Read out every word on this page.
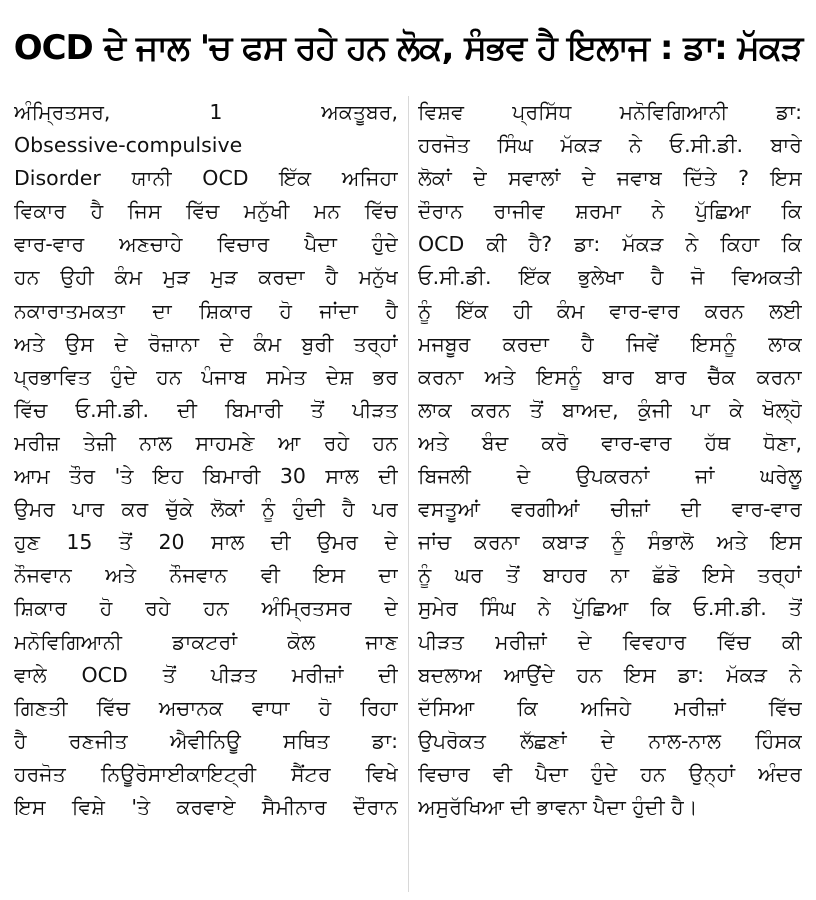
OCD ਦੇ ਜਾਲ 'ਚ ਫਸ ਰਹੇ ਹਨ ਲੋਕ, ਸੰਭਵ ਹੈ ਇਲਾਜ : ਡਾ: ਮੱਕੜ
ਅੰਮ੍ਰਿਤਸਰ, 1 ਅਕਤੂਬਰ,
Obsessive-compulsive
Disorder ਯਾਨੀ OCD ਇੱਕ ਅਜਿਹਾ
ਵਿਕਾਰ ਹੈ ਜਿਸ ਵਿੱਚ ਮਨੁੱਖੀ ਮਨ ਵਿੱਚ
ਵਾਰ-ਵਾਰ ਅਣਚਾਹੇ ਵਿਚਾਰ ਪੈਦਾ ਹੁੰਦੇ
ਹਨ ਉਹੀ ਕੰਮ ਮੁੜ ਮੁੜ ਕਰਦਾ ਹੈ ਮਨੁੱਖ
ਨਕਾਰਾਤਮਕਤਾ ਦਾ ਸ਼ਿਕਾਰ ਹੋ ਜਾਂਦਾ ਹੈ
ਅਤੇ ਉਸ ਦੇ ਰੋਜ਼ਾਨਾ ਦੇ ਕੰਮ ਬੁਰੀ ਤਰ੍ਹਾਂ
ਪ੍ਰਭਾਵਿਤ ਹੁੰਦੇ ਹਨ ਪੰਜਾਬ ਸਮੇਤ ਦੇਸ਼ ਭਰ
ਵਿੱਚ ਓ.ਸੀ.ਡੀ. ਦੀ ਬਿਮਾਰੀ ਤੋਂ ਪੀੜਤ
ਮਰੀਜ਼ ਤੇਜ਼ੀ ਨਾਲ ਸਾਹਮਣੇ ਆ ਰਹੇ ਹਨ
ਆਮ ਤੌਰ 'ਤੇ ਇਹ ਬਿਮਾਰੀ 30 ਸਾਲ ਦੀ
ਉਮਰ ਪਾਰ ਕਰ ਚੁੱਕੇ ਲੋਕਾਂ ਨੂੰ ਹੁੰਦੀ ਹੈ ਪਰ
ਹੁਣ 15 ਤੋਂ 20 ਸਾਲ ਦੀ ਉਮਰ ਦੇ
ਨੌਜਵਾਨ ਅਤੇ ਨੌਜਵਾਨ ਵੀ ਇਸ ਦਾ
ਸ਼ਿਕਾਰ ਹੋ ਰਹੇ ਹਨ ਅੰਮ੍ਰਿਤਸਰ ਦੇ
ਮਨੋਵਿਗਿਆਨੀ ਡਾਕਟਰਾਂ ਕੋਲ ਜਾਣ
ਵਾਲੇ OCD ਤੋਂ ਪੀੜਤ ਮਰੀਜ਼ਾਂ ਦੀ
ਗਿਣਤੀ ਵਿੱਚ ਅਚਾਨਕ ਵਾਧਾ ਹੋ ਰਿਹਾ
ਹੈ ਰਣਜੀਤ ਐਵੀਨਿਊ ਸਥਿਤ ਡਾ:
ਹਰਜੋਤ ਨਿਊਰੋਸਾਈਕਾਇਟ੍ਰੀ ਸੈਂਟਰ ਵਿਖੇ
ਇਸ ਵਿਸ਼ੇ 'ਤੇ ਕਰਵਾਏ ਸੈਮੀਨਾਰ ਦੌਰਾਨ
ਵਿਸ਼ਵ ਪ੍ਰਸਿੱਧ ਮਨੋਵਿਗਿਆਨੀ ਡਾ:
ਹਰਜੋਤ ਸਿੰਘ ਮੱਕੜ ਨੇ ਓ.ਸੀ.ਡੀ. ਬਾਰੇ
ਲੋਕਾਂ ਦੇ ਸਵਾਲਾਂ ਦੇ ਜਵਾਬ ਦਿੱਤੇ ? ਇਸ
ਦੌਰਾਨ ਰਾਜੀਵ ਸ਼ਰਮਾ ਨੇ ਪੁੱਛਿਆ ਕਿ
OCD ਕੀ ਹੈ? ਡਾ: ਮੱਕੜ ਨੇ ਕਿਹਾ ਕਿ
ਓ.ਸੀ.ਡੀ. ਇੱਕ ਭੁਲੇਖਾ ਹੈ ਜੋ ਵਿਅਕਤੀ
ਨੂੰ ਇੱਕ ਹੀ ਕੰਮ ਵਾਰ-ਵਾਰ ਕਰਨ ਲਈ
ਮਜਬੂਰ ਕਰਦਾ ਹੈ ਜਿਵੇਂ ਇਸਨੂੰ ਲਾਕ
ਕਰਨਾ ਅਤੇ ਇਸਨੂੰ ਬਾਰ ਬਾਰ ਚੈੱਕ ਕਰਨਾ
ਲਾਕ ਕਰਨ ਤੋਂ ਬਾਅਦ, ਕੁੰਜੀ ਪਾ ਕੇ ਖੋਲ੍ਹੋ
ਅਤੇ ਬੰਦ ਕਰੋ ਵਾਰ-ਵਾਰ ਹੱਥ ਧੋਣਾ,
ਬਿਜਲੀ ਦੇ ਉਪਕਰਨਾਂ ਜਾਂ ਘਰੇਲੂ
ਵਸਤੂਆਂ ਵਰਗੀਆਂ ਚੀਜ਼ਾਂ ਦੀ ਵਾਰ-ਵਾਰ
ਜਾਂਚ ਕਰਨਾ ਕਬਾੜ ਨੂੰ ਸੰਭਾਲੋ ਅਤੇ ਇਸ
ਨੂੰ ਘਰ ਤੋਂ ਬਾਹਰ ਨਾ ਛੱਡੋ ਇਸੇ ਤਰ੍ਹਾਂ
ਸੁਮੇਰ ਸਿੰਘ ਨੇ ਪੁੱਛਿਆ ਕਿ ਓ.ਸੀ.ਡੀ. ਤੋਂ
ਪੀੜਤ ਮਰੀਜ਼ਾਂ ਦੇ ਵਿਵਹਾਰ ਵਿੱਚ ਕੀ
ਬਦਲਾਅ ਆਉਂਦੇ ਹਨ ਇਸ ਡਾ: ਮੱਕੜ ਨੇ
ਦੱਸਿਆ ਕਿ ਅਜਿਹੇ ਮਰੀਜ਼ਾਂ ਵਿੱਚ
ਉਪਰੋਕਤ ਲੱਛਣਾਂ ਦੇ ਨਾਲ-ਨਾਲ ਹਿੰਸਕ
ਵਿਚਾਰ ਵੀ ਪੈਦਾ ਹੁੰਦੇ ਹਨ ਉਨ੍ਹਾਂ ਅੰਦਰ
ਅਸੁਰੱਖਿਆ ਦੀ ਭਾਵਨਾ ਪੈਦਾ ਹੁੰਦੀ ਹੈ।
